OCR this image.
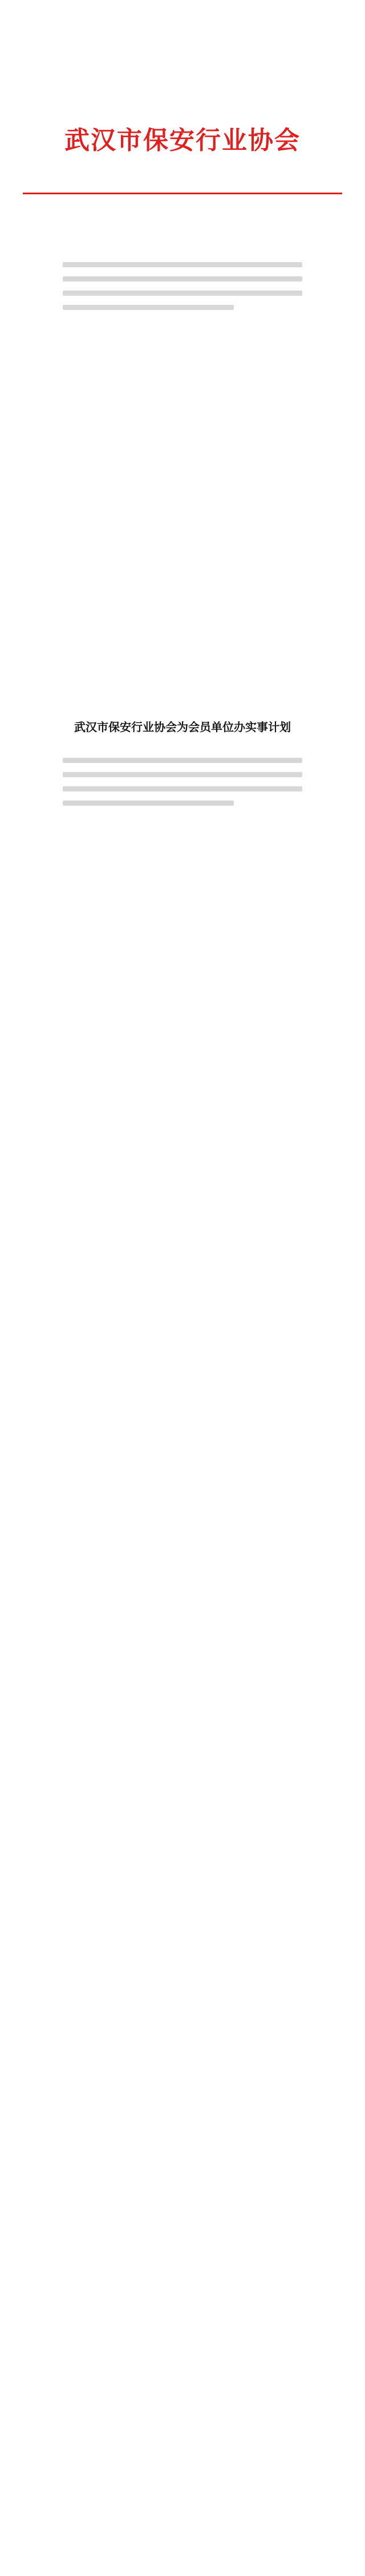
武汉市保安行业协会
武汉市保安行业协会为会员单位办实事计划
